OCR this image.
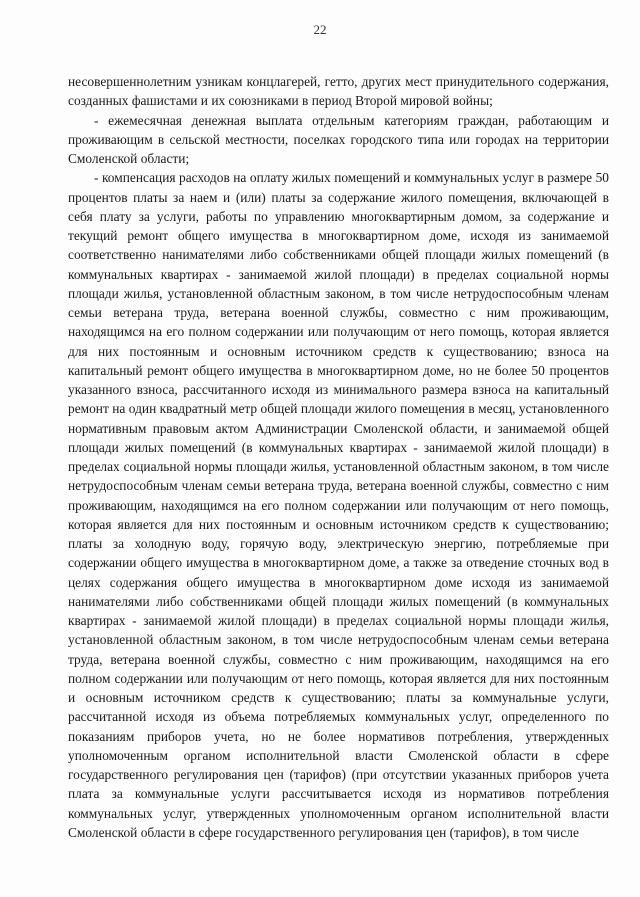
22

несовершеннолетним узникам концлагерей, гетто, других мест принудительного содержания, созданных фашистами и их союзниками в период Второй мировой войны;

- ежемесячная денежная выплата отдельным категориям граждан, работающим и проживающим в сельской местности, поселках городского типа или городах на территории Смоленской области;

- компенсация расходов на оплату жилых помещений и коммунальных услуг в размере 50 процентов платы за наем и (или) платы за содержание жилого помещения, включающей в себя плату за услуги, работы по управлению многоквартирным домом, за содержание и текущий ремонт общего имущества в многоквартирном доме, исходя из занимаемой соответственно нанимателями либо собственниками общей площади жилых помещений (в коммунальных квартирах - занимаемой жилой площади) в пределах социальной нормы площади жилья, установленной областным законом, в том числе нетрудоспособным членам семьи ветерана труда, ветерана военной службы, совместно с ним проживающим, находящимся на его полном содержании или получающим от него помощь, которая является для них постоянным и основным источником средств к существованию; взноса на капитальный ремонт общего имущества в многоквартирном доме, но не более 50 процентов указанного взноса, рассчитанного исходя из минимального размера взноса на капитальный ремонт на один квадратный метр общей площади жилого помещения в месяц, установленного нормативным правовым актом Администрации Смоленской области, и занимаемой общей площади жилых помещений (в коммунальных квартирах - занимаемой жилой площади) в пределах социальной нормы площади жилья, установленной областным законом, в том числе нетрудоспособным членам семьи ветерана труда, ветерана военной службы, совместно с ним проживающим, находящимся на его полном содержании или получающим от него помощь, которая является для них постоянным и основным источником средств к существованию; платы за холодную воду, горячую воду, электрическую энергию, потребляемые при содержании общего имущества в многоквартирном доме, а также за отведение сточных вод в целях содержания общего имущества в многоквартирном доме исходя из занимаемой нанимателями либо собственниками общей площади жилых помещений (в коммунальных квартирах - занимаемой жилой площади) в пределах социальной нормы площади жилья, установленной областным законом, в том числе нетрудоспособным членам семьи ветерана труда, ветерана военной службы, совместно с ним проживающим, находящимся на его полном содержании или получающим от него помощь, которая является для них постоянным и основным источником средств к существованию; платы за коммунальные услуги, рассчитанной исходя из объема потребляемых коммунальных услуг, определенного по показаниям приборов учета, но не более нормативов потребления, утвержденных уполномоченным органом исполнительной власти Смоленской области в сфере государственного регулирования цен (тарифов) (при отсутствии указанных приборов учета плата за коммунальные услуги рассчитывается исходя из нормативов потребления коммунальных услуг, утвержденных уполномоченным органом исполнительной власти Смоленской области в сфере государственного регулирования цен (тарифов), в том числе
